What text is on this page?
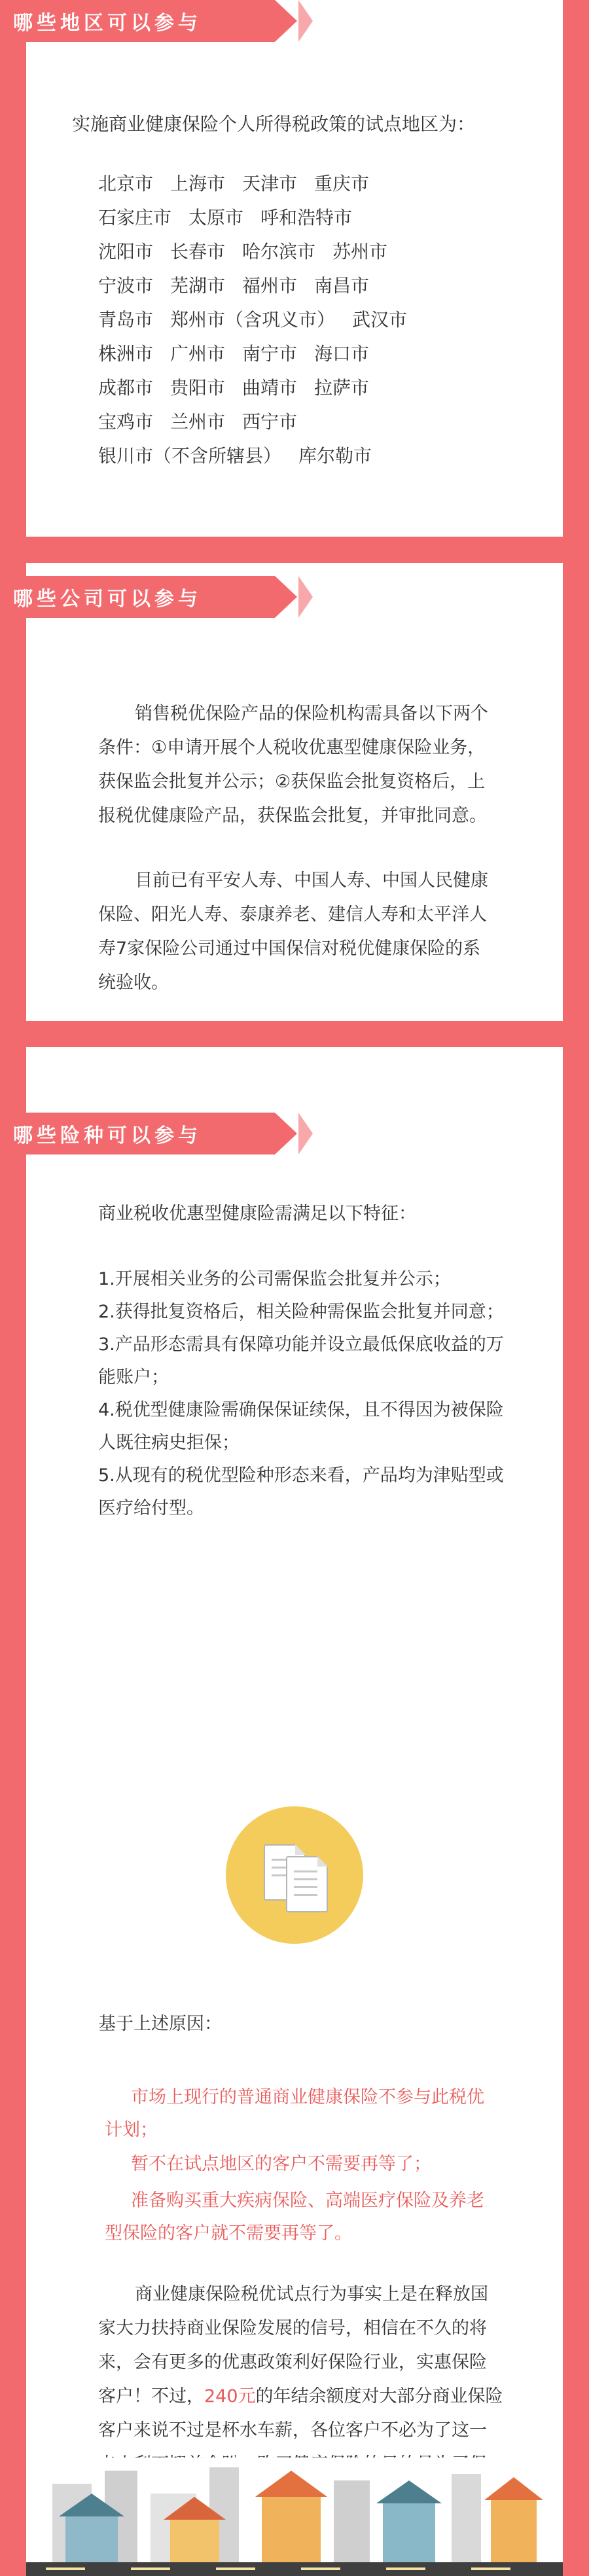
哪些地区可以参与
实施商业健康保险个人所得税政策的试点地区为：
北京市 上海市 天津市 重庆市
石家庄市 太原市 呼和浩特市
沈阳市 长春市 哈尔滨市 苏州市
宁波市 芜湖市 福州市 南昌市
青岛市 郑州市（含巩义市） 武汉市
株洲市 广州市 南宁市 海口市
成都市 贵阳市 曲靖市 拉萨市
宝鸡市 兰州市 西宁市
银川市（不含所辖县） 库尔勒市
哪些公司可以参与
销售税优保险产品的保险机构需具备以下两个条件：①申请开展个人税收优惠型健康保险业务，获保监会批复并公示；②获保监会批复资格后，上报税优健康险产品，获保监会批复，并审批同意。
目前已有平安人寿、中国人寿、中国人民健康保险、阳光人寿、泰康养老、建信人寿和太平洋人寿7家保险公司通过中国保信对税优健康保险的系统验收。
哪些险种可以参与
商业税收优惠型健康险需满足以下特征：
1.开展相关业务的公司需保监会批复并公示；
2.获得批复资格后，相关险种需保监会批复并同意；
3.产品形态需具有保障功能并设立最低保底收益的万能账户；
4.税优型健康险需确保保证续保，且不得因为被保险人既往病史拒保；
5.从现有的税优型险种形态来看，产品均为津贴型或医疗给付型。
基于上述原因：
市场上现行的普通商业健康保险不参与此税优计划；
暂不在试点地区的客户不需要再等了；
准备购买重大疾病保险、高端医疗保险及养老型保险的客户就不需要再等了。
商业健康保险税优试点行为事实上是在释放国家大力扶持商业保险发展的信号，相信在不久的将来，会有更多的优惠政策利好保险行业，实惠保险客户！不过，240元的年结余额度对大部分商业保险客户来说不过是杯水车薪，各位客户不必为了这一
